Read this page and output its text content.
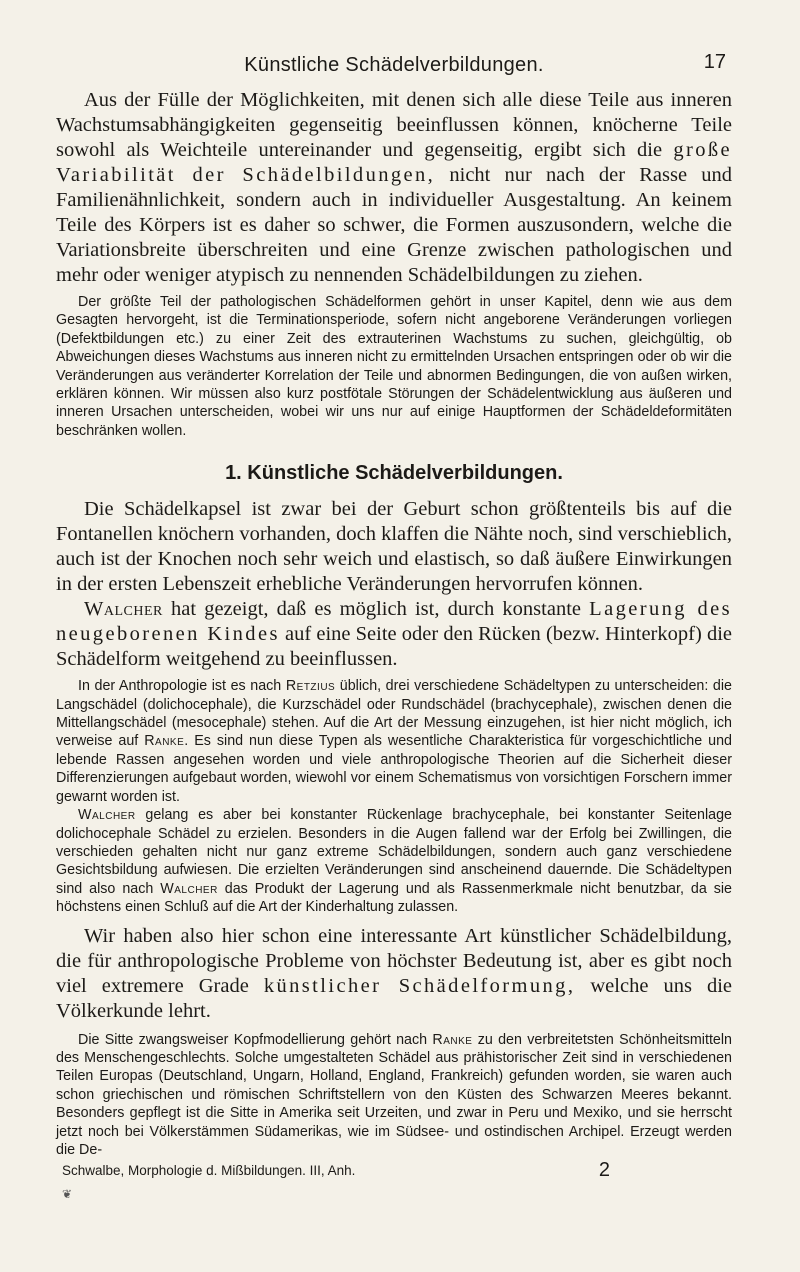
Künstliche Schädelverbildungen.	17

Aus der Fülle der Möglichkeiten, mit denen sich alle diese Teile aus inneren Wachstumsabhängigkeiten gegenseitig beeinflussen können, knöcherne Teile sowohl als Weichteile untereinander und gegenseitig, ergibt sich die große Variabilität der Schädelbildungen, nicht nur nach der Rasse und Familienähnlichkeit, sondern auch in individueller Ausgestaltung. An keinem Teile des Körpers ist es daher so schwer, die Formen auszusondern, welche die Variationsbreite überschreiten und eine Grenze zwischen pathologischen und mehr oder weniger atypisch zu nennenden Schädelbildungen zu ziehen.

Der größte Teil der pathologischen Schädelformen gehört in unser Kapitel, denn wie aus dem Gesagten hervorgeht, ist die Terminationsperiode, sofern nicht angeborene Veränderungen vorliegen (Defektbildungen etc.) zu einer Zeit des extrauterinen Wachstums zu suchen, gleichgültig, ob Abweichungen dieses Wachstums aus inneren nicht zu ermittelnden Ursachen entspringen oder ob wir die Veränderungen aus veränderter Korrelation der Teile und abnormen Bedingungen, die von außen wirken, erklären können. Wir müssen also kurz postfötale Störungen der Schädelentwicklung aus äußeren und inneren Ursachen unterscheiden, wobei wir uns nur auf einige Hauptformen der Schädeldeformitäten beschränken wollen.

1. Künstliche Schädelverbildungen.

Die Schädelkapsel ist zwar bei der Geburt schon größtenteils bis auf die Fontanellen knöchern vorhanden, doch klaffen die Nähte noch, sind verschieblich, auch ist der Knochen noch sehr weich und elastisch, so daß äußere Einwirkungen in der ersten Lebenszeit erhebliche Veränderungen hervorrufen können.

Walcher hat gezeigt, daß es möglich ist, durch konstante Lagerung des neugeborenen Kindes auf eine Seite oder den Rücken (bezw. Hinterkopf) die Schädelform weitgehend zu beeinflussen.

In der Anthropologie ist es nach Retzius üblich, drei verschiedene Schädeltypen zu unterscheiden: die Langschädel (dolichocephale), die Kurzschädel oder Rundschädel (brachycephale), zwischen denen die Mittellangschädel (mesocephale) stehen. Auf die Art der Messung einzugehen, ist hier nicht möglich, ich verweise auf Ranke. Es sind nun diese Typen als wesentliche Charakteristica für vorgeschichtliche und lebende Rassen angesehen worden und viele anthropologische Theorien auf die Sicherheit dieser Differenzierungen aufgebaut worden, wiewohl vor einem Schematismus von vorsichtigen Forschern immer gewarnt worden ist.

Walcher gelang es aber bei konstanter Rückenlage brachycephale, bei konstanter Seitenlage dolichocephale Schädel zu erzielen. Besonders in die Augen fallend war der Erfolg bei Zwillingen, die verschieden gehalten nicht nur ganz extreme Schädelbildungen, sondern auch ganz verschiedene Gesichtsbildung aufwiesen. Die erzielten Veränderungen sind anscheinend dauernde. Die Schädeltypen sind also nach Walcher das Produkt der Lagerung und als Rassenmerkmale nicht benutzbar, da sie höchstens einen Schluß auf die Art der Kinderhaltung zulassen.

Wir haben also hier schon eine interessante Art künstlicher Schädelbildung, die für anthropologische Probleme von höchster Bedeutung ist, aber es gibt noch viel extremere Grade künstlicher Schädelformung, welche uns die Völkerkunde lehrt.

Die Sitte zwangsweiser Kopfmodellierung gehört nach Ranke zu den verbreitetsten Schönheitsmitteln des Menschengeschlechts. Solche umgestalteten Schädel aus prähistorischer Zeit sind in verschiedenen Teilen Europas (Deutschland, Ungarn, Holland, England, Frankreich) gefunden worden, sie waren auch schon griechischen und römischen Schriftstellern von den Küsten des Schwarzen Meeres bekannt. Besonders gepflegt ist die Sitte in Amerika seit Urzeiten, und zwar in Peru und Mexiko, und sie herrscht jetzt noch bei Völkerstämmen Südamerikas, wie im Südsee- und ostindischen Archipel. Erzeugt werden die De-

Schwalbe, Morphologie d. Mißbildungen. III, Anh.	2
❦
